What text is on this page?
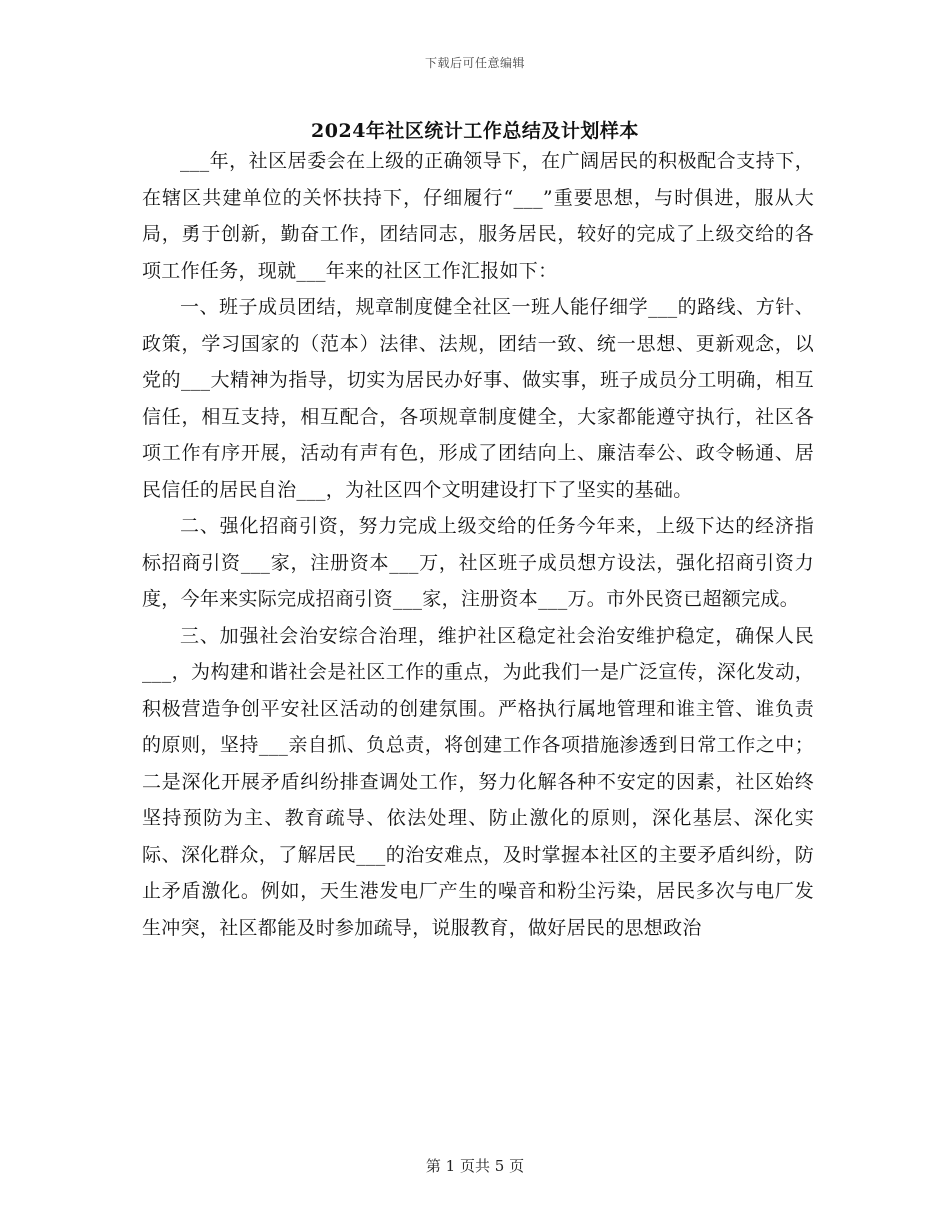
下载后可任意编辑
2024年社区统计工作总结及计划样本

___年，社区居委会在上级的正确领导下，在广阔居民的积极配合支持下，在辖区共建单位的关怀扶持下，仔细履行“___”重要思想，与时俱进，服从大局，勇于创新，勤奋工作，团结同志，服务居民，较好的完成了上级交给的各项工作任务，现就___年来的社区工作汇报如下：

一、班子成员团结，规章制度健全社区一班人能仔细学___的路线、方针、政策，学习国家的（范本）法律、法规，团结一致、统一思想、更新观念，以党的___大精神为指导，切实为居民办好事、做实事，班子成员分工明确，相互信任，相互支持，相互配合，各项规章制度健全，大家都能遵守执行，社区各项工作有序开展，活动有声有色，形成了团结向上、廉洁奉公、政令畅通、居民信任的居民自治___，为社区四个文明建设打下了坚实的基础。

二、强化招商引资，努力完成上级交给的任务今年来，上级下达的经济指标招商引资___家，注册资本___万，社区班子成员想方设法，强化招商引资力度，今年来实际完成招商引资___家，注册资本___万。市外民资已超额完成。

三、加强社会治安综合治理，维护社区稳定社会治安维护稳定，确保人民___，为构建和谐社会是社区工作的重点，为此我们一是广泛宣传，深化发动，积极营造争创平安社区活动的创建氛围。严格执行属地管理和谁主管、谁负责的原则，坚持___亲自抓、负总责，将创建工作各项措施渗透到日常工作之中；二是深化开展矛盾纠纷排查调处工作，努力化解各种不安定的因素，社区始终坚持预防为主、教育疏导、依法处理、防止激化的原则，深化基层、深化实际、深化群众，了解居民___的治安难点，及时掌握本社区的主要矛盾纠纷，防止矛盾激化。例如，天生港发电厂产生的噪音和粉尘污染，居民多次与电厂发生冲突，社区都能及时参加疏导，说服教育，做好居民的思想政治

第 1 页共 5 页
